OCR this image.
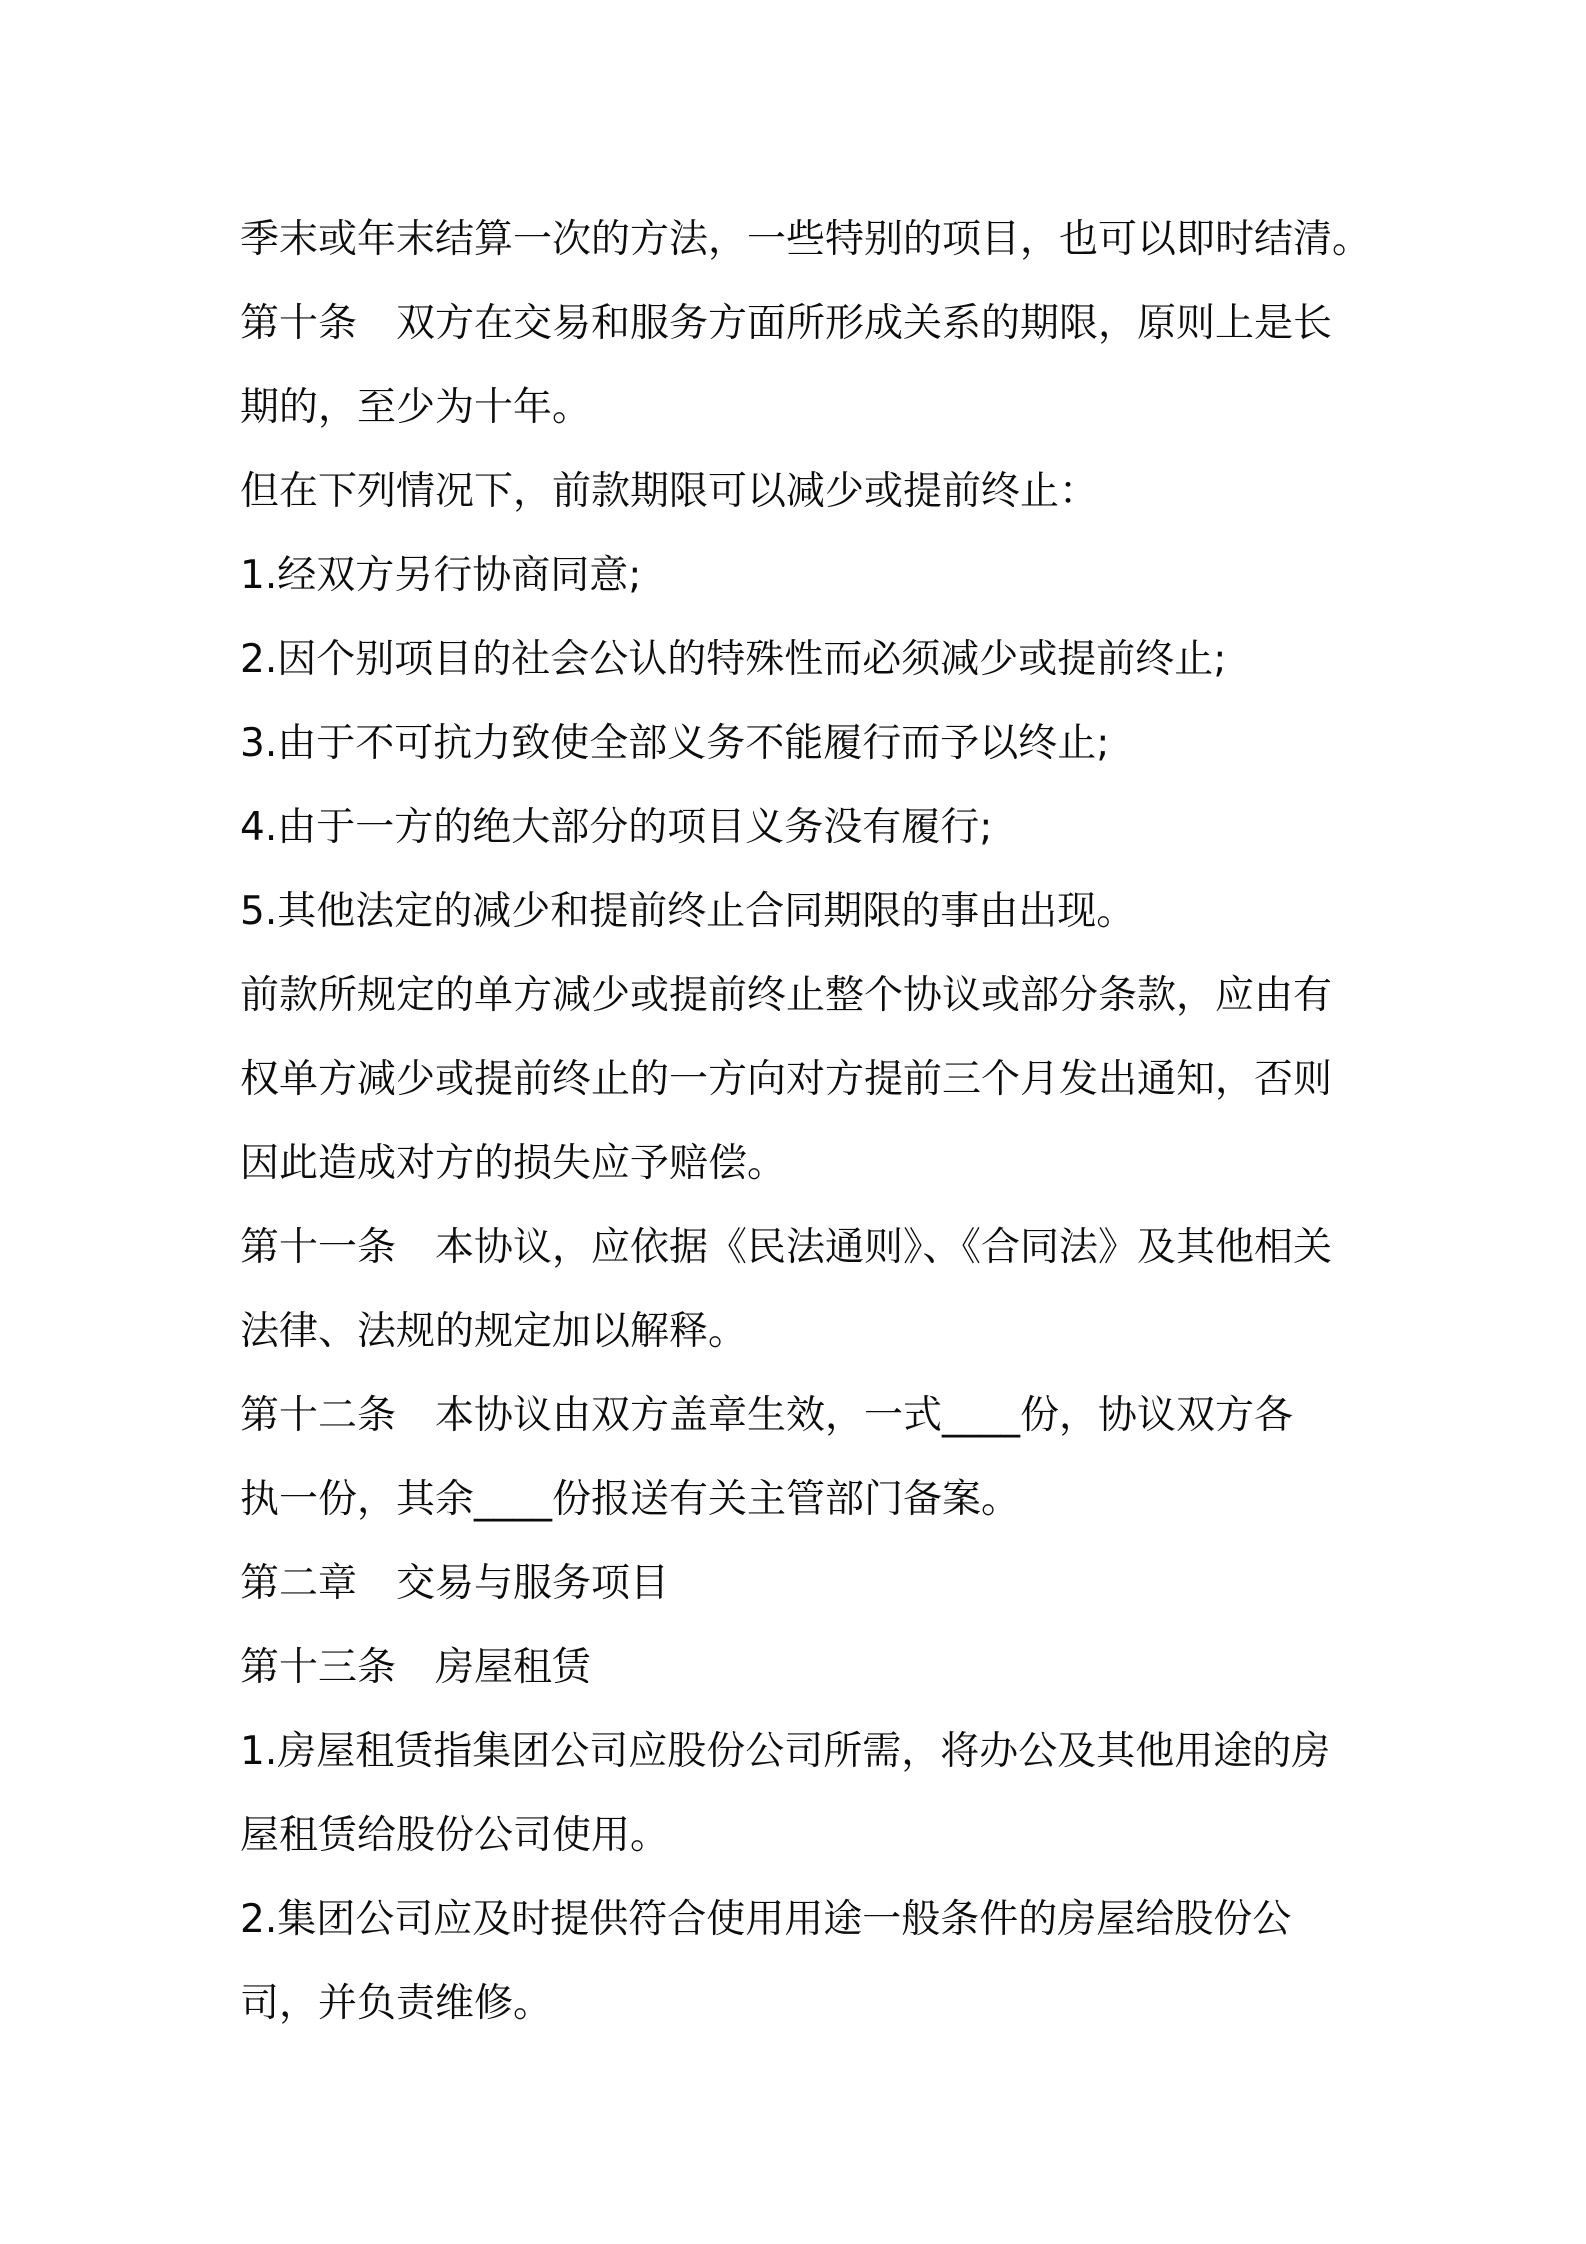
季末或年末结算一次的方法，一些特别的项目，也可以即时结清。
第十条　双方在交易和服务方面所形成关系的期限，原则上是长
期的，至少为十年。
但在下列情况下，前款期限可以减少或提前终止：
1.经双方另行协商同意;
2.因个别项目的社会公认的特殊性而必须减少或提前终止;
3.由于不可抗力致使全部义务不能履行而予以终止;
4.由于一方的绝大部分的项目义务没有履行;
5.其他法定的减少和提前终止合同期限的事由出现。
前款所规定的单方减少或提前终止整个协议或部分条款，应由有
权单方减少或提前终止的一方向对方提前三个月发出通知，否则
因此造成对方的损失应予赔偿。
第十一条　本协议，应依据《民法通则》、《合同法》及其他相关
法律、法规的规定加以解释。
第十二条　本协议由双方盖章生效，一式____份，协议双方各
执一份，其余____份报送有关主管部门备案。
第二章　交易与服务项目
第十三条　房屋租赁
1.房屋租赁指集团公司应股份公司所需，将办公及其他用途的房
屋租赁给股份公司使用。
2.集团公司应及时提供符合使用用途一般条件的房屋给股份公
司，并负责维修。
